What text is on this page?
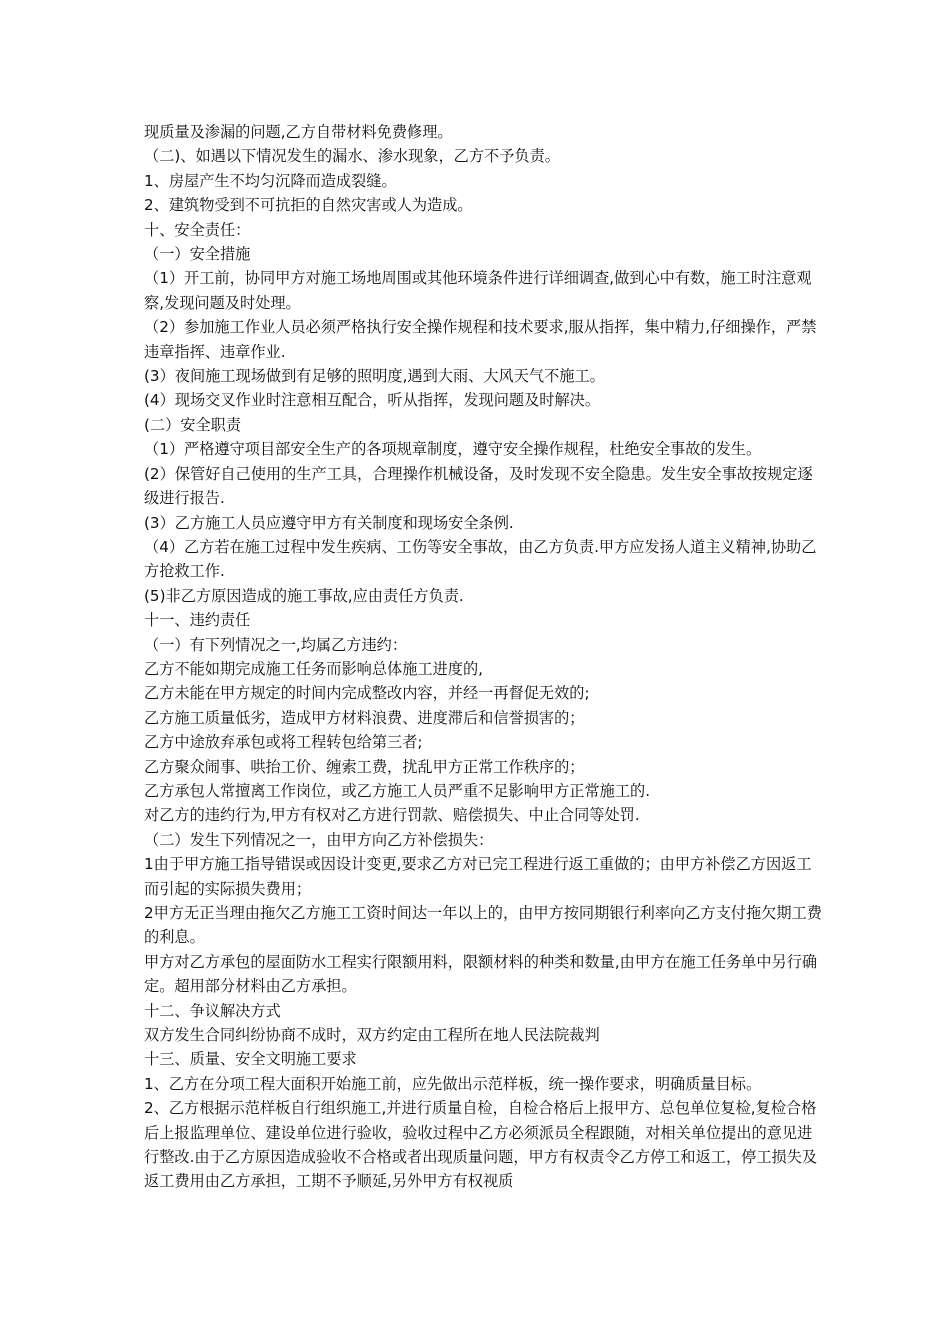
现质量及渗漏的问题,乙方自带材料免费修理。

（二)、如遇以下情况发生的漏水、渗水现象，乙方不予负责。

1、房屋产生不均匀沉降而造成裂缝。

2、建筑物受到不可抗拒的自然灾害或人为造成。

十、安全责任：

（一）安全措施

（1）开工前，协同甲方对施工场地周围或其他环境条件进行详细调查,做到心中有数，施工时注意观察,发现问题及时处理。

（2）参加施工作业人员必须严格执行安全操作规程和技术要求,服从指挥，集中精力,仔细操作，严禁违章指挥、违章作业.

(3）夜间施工现场做到有足够的照明度,遇到大雨、大风天气不施工。

(4）现场交叉作业时注意相互配合，听从指挥，发现问题及时解决。

(二）安全职责

（1）严格遵守项目部安全生产的各项规章制度，遵守安全操作规程，杜绝安全事故的发生。

(2）保管好自己使用的生产工具，合理操作机械设备，及时发现不安全隐患。发生安全事故按规定逐级进行报告.

(3）乙方施工人员应遵守甲方有关制度和现场安全条例.

（4）乙方若在施工过程中发生疾病、工伤等安全事故，由乙方负责.甲方应发扬人道主义精神,协助乙方抢救工作.

(5)非乙方原因造成的施工事故,应由责任方负责.

十一、违约责任

（一）有下列情况之一,均属乙方违约：

乙方不能如期完成施工任务而影响总体施工进度的,

乙方未能在甲方规定的时间内完成整改内容，并经一再督促无效的;

乙方施工质量低劣，造成甲方材料浪费、进度滞后和信誉损害的；

乙方中途放弃承包或将工程转包给第三者;

乙方聚众闹事、哄抬工价、缠索工费，扰乱甲方正常工作秩序的；

乙方承包人常擅离工作岗位，或乙方施工人员严重不足影响甲方正常施工的.

对乙方的违约行为,甲方有权对乙方进行罚款、赔偿损失、中止合同等处罚.

（二）发生下列情况之一，由甲方向乙方补偿损失：

1由于甲方施工指导错误或因设计变更,要求乙方对已完工程进行返工重做的；由甲方补偿乙方因返工而引起的实际损失费用；

2甲方无正当理由拖欠乙方施工工资时间达一年以上的，由甲方按同期银行利率向乙方支付拖欠期工费的利息。

甲方对乙方承包的屋面防水工程实行限额用料，限额材料的种类和数量,由甲方在施工任务单中另行确定。超用部分材料由乙方承担。

十二、争议解决方式

双方发生合同纠纷协商不成时，双方约定由工程所在地人民法院裁判

十三、质量、安全文明施工要求

1、乙方在分项工程大面积开始施工前，应先做出示范样板，统一操作要求，明确质量目标。

2、乙方根据示范样板自行组织施工,并进行质量自检，自检合格后上报甲方、总包单位复检,复检合格后上报监理单位、建设单位进行验收，验收过程中乙方必须派员全程跟随，对相关单位提出的意见进行整改.由于乙方原因造成验收不合格或者出现质量问题，甲方有权责令乙方停工和返工，停工损失及返工费用由乙方承担，工期不予顺延,另外甲方有权视质
